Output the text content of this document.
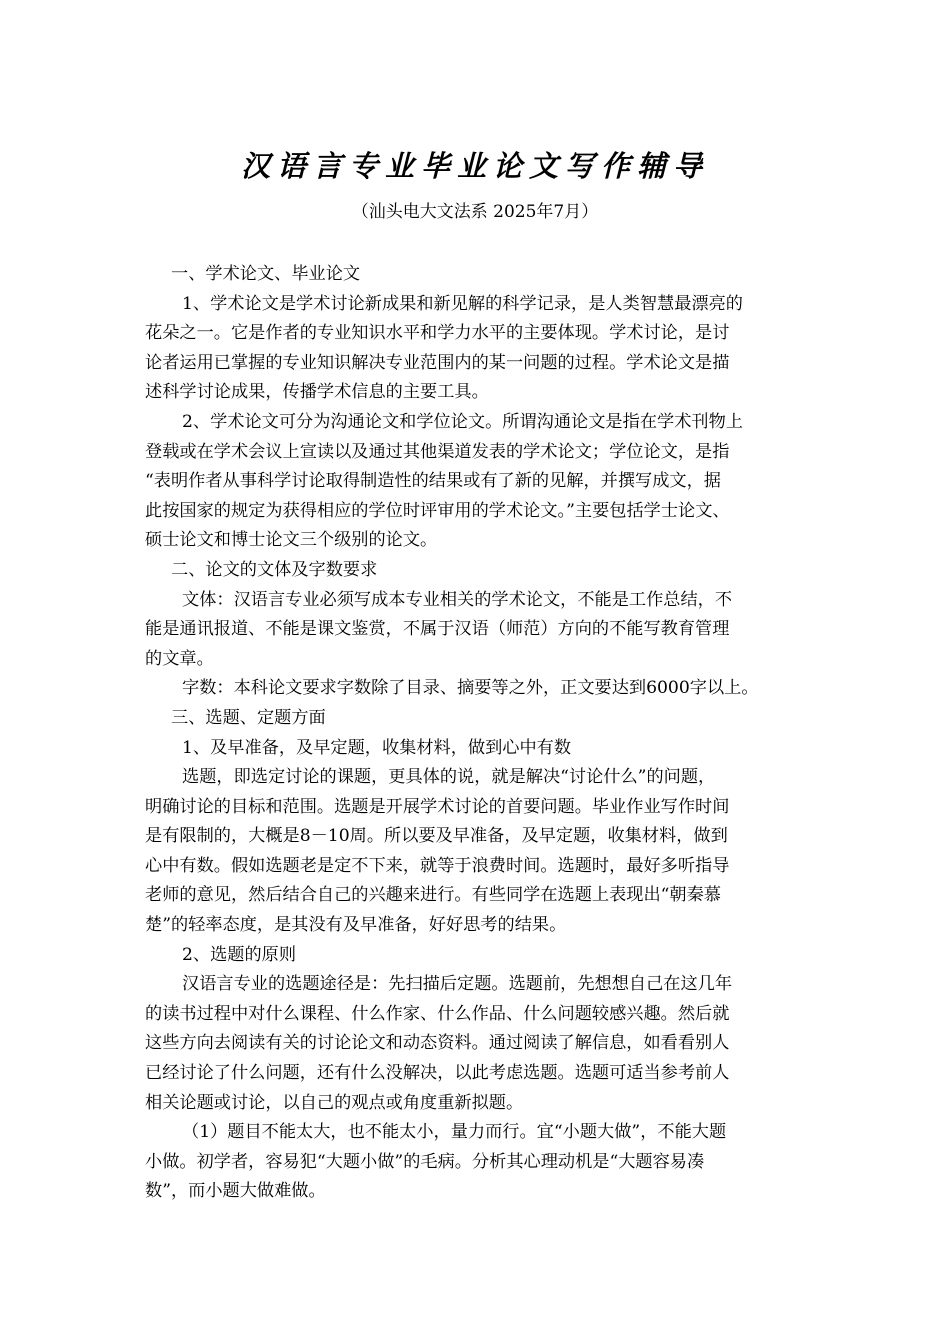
汉语言专业毕业论文写作辅导
（汕头电大文法系 2025年7月）
一、学术论文、毕业论文
1、学术论文是学术讨论新成果和新见解的科学记录，是人类智慧最漂亮的
花朵之一。它是作者的专业知识水平和学力水平的主要体现。学术讨论，是讨
论者运用已掌握的专业知识解决专业范围内的某一问题的过程。学术论文是描
述科学讨论成果，传播学术信息的主要工具。
2、学术论文可分为沟通论文和学位论文。所谓沟通论文是指在学术刊物上
登载或在学术会议上宣读以及通过其他渠道发表的学术论文；学位论文，是指
“表明作者从事科学讨论取得制造性的结果或有了新的见解，并撰写成文，据
此按国家的规定为获得相应的学位时评审用的学术论文。”主要包括学士论文、
硕士论文和博士论文三个级别的论文。
二、论文的文体及字数要求
文体：汉语言专业必须写成本专业相关的学术论文，不能是工作总结，不
能是通讯报道、不能是课文鉴赏，不属于汉语（师范）方向的不能写教育管理
的文章。
字数：本科论文要求字数除了目录、摘要等之外，正文要达到6000字以上。
三、选题、定题方面
1、及早准备，及早定题，收集材料，做到心中有数
选题，即选定讨论的课题，更具体的说，就是解决“讨论什么”的问题，
明确讨论的目标和范围。选题是开展学术讨论的首要问题。毕业作业写作时间
是有限制的，大概是8－10周。所以要及早准备，及早定题，收集材料，做到
心中有数。假如选题老是定不下来，就等于浪费时间。选题时，最好多听指导
老师的意见，然后结合自己的兴趣来进行。有些同学在选题上表现出“朝秦慕
楚”的轻率态度，是其没有及早准备，好好思考的结果。
2、选题的原则
汉语言专业的选题途径是：先扫描后定题。选题前，先想想自己在这几年
的读书过程中对什么课程、什么作家、什么作品、什么问题较感兴趣。然后就
这些方向去阅读有关的讨论论文和动态资料。通过阅读了解信息，如看看别人
已经讨论了什么问题，还有什么没解决，以此考虑选题。选题可适当参考前人
相关论题或讨论，以自己的观点或角度重新拟题。
（1）题目不能太大，也不能太小，量力而行。宜“小题大做”，不能大题
小做。初学者，容易犯“大题小做”的毛病。分析其心理动机是“大题容易凑
数”，而小题大做难做。
